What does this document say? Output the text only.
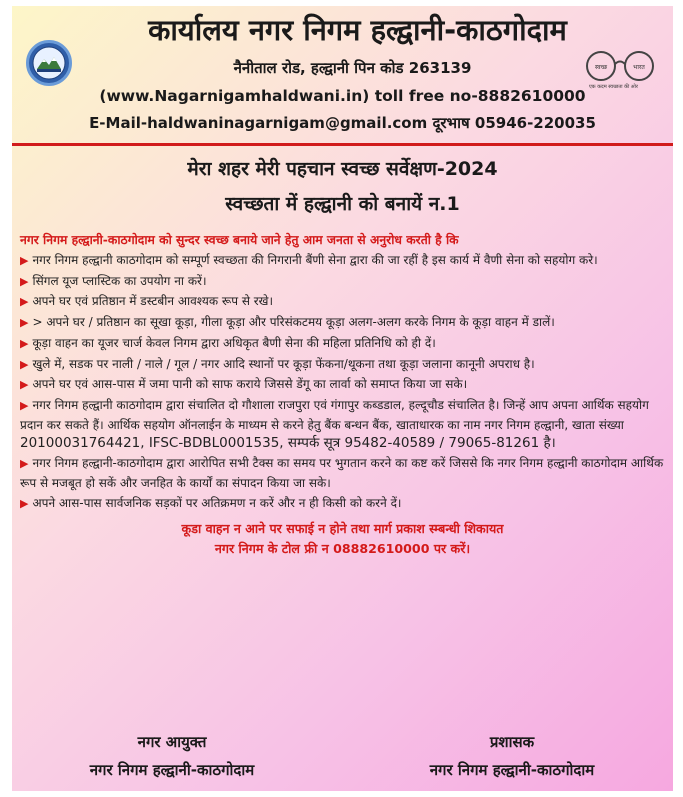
कार्यालय नगर निगम हल्द्वानी-काठगोदाम
नैनीताल रोड, हल्द्वानी पिन कोड 263139
(www.Nagarnigamhaldwani.in) toll free no-8882610000
E-Mail-haldwaninagarnigam@gmail.com दूरभाष 05946-220035
स्वच्छ	भारत
एक कदम स्वच्छता की ओर
मेरा शहर मेरी पहचान स्वच्छ सर्वेक्षण-2024
स्वच्छता में हल्द्वानी को बनायें न.1
नगर निगम हल्द्वानी-काठगोदाम को सुन्दर स्वच्छ बनाये जाने हेतु आम जनता से अनुरोध करती है कि
▶ नगर निगम हल्द्वानी काठगोदाम को सम्पूर्ण स्वच्छता की निगरानी बैंणी सेना द्वारा की जा रहीं है इस कार्य में वैणी सेना को सहयोग करे।
▶ सिंगल यूज प्लास्टिक का उपयोग ना करें।
▶ अपने घर एवं प्रतिष्ठान में डस्टबीन आवश्यक रूप से रखे।
▶ > अपने घर / प्रतिष्ठान का सूखा कूड़ा, गीला कूड़ा और परिसंकटमय कूड़ा अलग-अलग करके निगम के कूड़ा वाहन में डालें।
▶ कूड़ा वाहन का यूजर चार्ज केवल निगम द्वारा अधिकृत बैणी सेना की महिला प्रतिनिधि को ही दें।
▶ खुले में, सडक पर नाली / नाले / गूल / नगर आदि स्थानों पर कूड़ा फेंकना/थूकना तथा कूड़ा जलाना कानूनी अपराध है।
▶ अपने घर एवं आस-पास में जमा पानी को साफ कराये जिससे डेंगू का लार्वा को समाप्त किया जा सके।
▶ नगर निगम हल्द्वानी काठगोदाम द्वारा संचालित दो गौशाला राजपुरा एवं गंगापुर कब्डडाल, हल्दूचौड संचालित है। जिन्हें आप अपना आर्थिक सहयोग प्रदान कर सकते हैं। आर्थिक सहयोग ऑनलाईन के माध्यम से करने हेतु बैंक बन्धन बैंक, खाताधारक का नाम नगर निगम हल्द्वानी, खाता संख्या
20100031764421, IFSC-BDBL0001535, सम्पर्क सूत्र 95482-40589 / 79065-81261 है।
▶ नगर निगम हल्द्वानी-काठगोदाम द्वारा आरोपित सभी टैक्स का समय पर भुगतान करने का कष्ट करें जिससे कि नगर निगम हल्द्वानी काठगोदाम आर्थिक रूप से मजबूत हो सकें और जनहित के कार्यों का संपादन किया जा सके।
▶ अपने आस-पास सार्वजनिक सड़कों पर अतिक्रमण न करें और न ही किसी को करने दें।
कूडा वाहन न आने पर सफाई न होने तथा मार्ग प्रकाश स्म्बन्धी शिकायत
नगर निगम के टोल फ्री न 08882610000 पर करें।
नगर आयुक्त
नगर निगम हल्द्वानी-काठगोदाम
प्रशासक
नगर निगम हल्द्वानी-काठगोदाम
